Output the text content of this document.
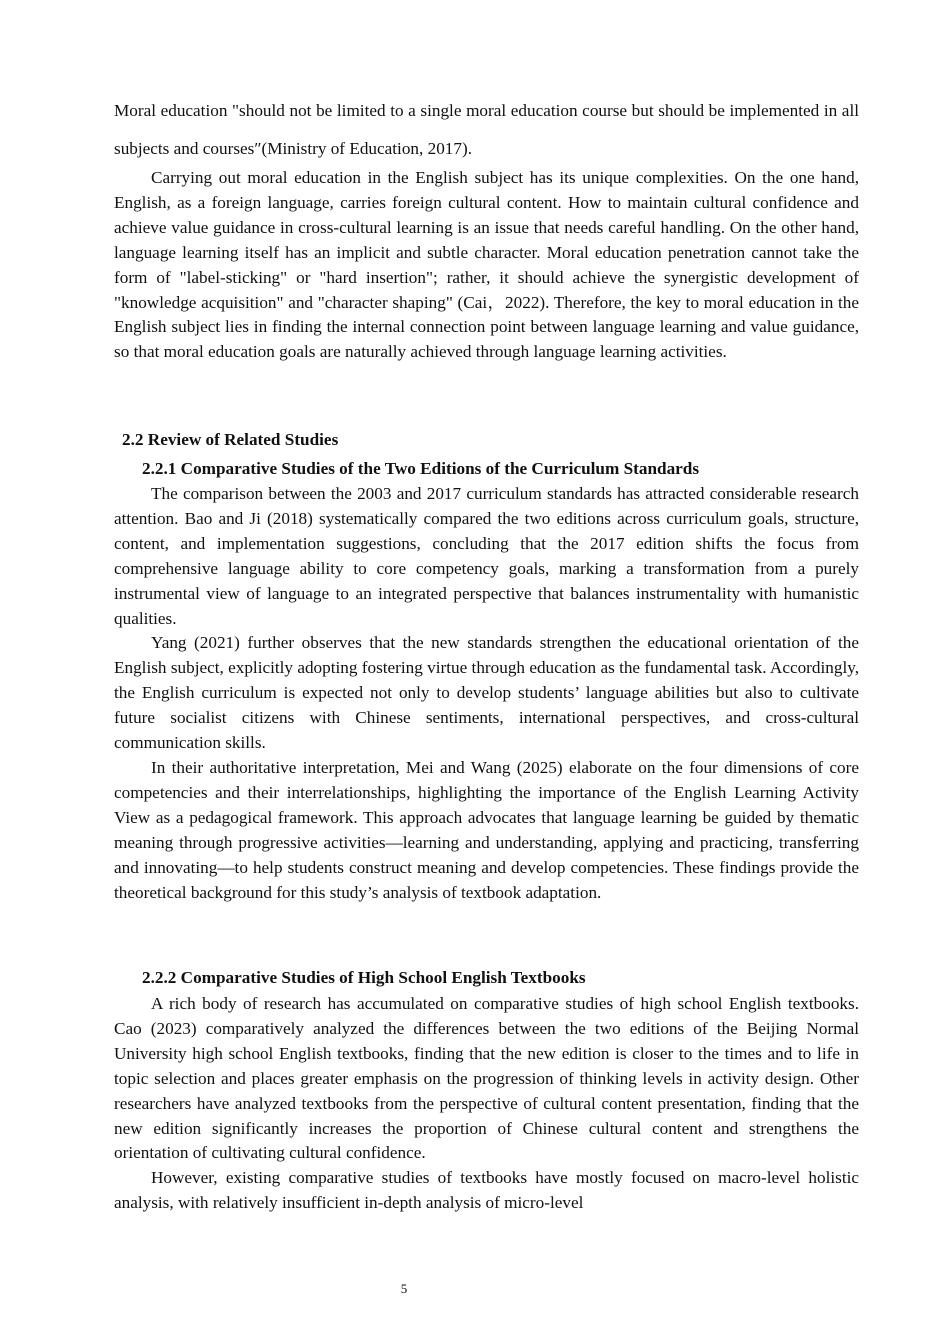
Moral education "should not be limited to a single moral education course but should be implemented in all subjects and courses″(Ministry of Education, 2017).

Carrying out moral education in the English subject has its unique complexities. On the one hand, English, as a foreign language, carries foreign cultural content. How to maintain cultural confidence and achieve value guidance in cross-cultural learning is an issue that needs careful handling. On the other hand, language learning itself has an implicit and subtle character. Moral education penetration cannot take the form of "label-sticking" or "hard insertion"; rather, it should achieve the synergistic development of "knowledge acquisition" and "character shaping" (Cai，2022). Therefore, the key to moral education in the English subject lies in finding the internal connection point between language learning and value guidance, so that moral education goals are naturally achieved through language learning activities.

2.2 Review of Related Studies
2.2.1 Comparative Studies of the Two Editions of the Curriculum Standards

The comparison between the 2003 and 2017 curriculum standards has attracted considerable research attention. Bao and Ji (2018) systematically compared the two editions across curriculum goals, structure, content, and implementation suggestions, concluding that the 2017 edition shifts the focus from comprehensive language ability to core competency goals, marking a transformation from a purely instrumental view of language to an integrated perspective that balances instrumentality with humanistic qualities.

Yang (2021) further observes that the new standards strengthen the educational orientation of the English subject, explicitly adopting fostering virtue through education as the fundamental task. Accordingly, the English curriculum is expected not only to develop students’ language abilities but also to cultivate future socialist citizens with Chinese sentiments, international perspectives, and cross-cultural communication skills.

In their authoritative interpretation, Mei and Wang (2025) elaborate on the four dimensions of core competencies and their interrelationships, highlighting the importance of the English Learning Activity View as a pedagogical framework. This approach advocates that language learning be guided by thematic meaning through progressive activities—learning and understanding, applying and practicing, transferring and innovating—to help students construct meaning and develop competencies. These findings provide the theoretical background for this study’s analysis of textbook adaptation.

2.2.2 Comparative Studies of High School English Textbooks

A rich body of research has accumulated on comparative studies of high school English textbooks. Cao (2023) comparatively analyzed the differences between the two editions of the Beijing Normal University high school English textbooks, finding that the new edition is closer to the times and to life in topic selection and places greater emphasis on the progression of thinking levels in activity design. Other researchers have analyzed textbooks from the perspective of cultural content presentation, finding that the new edition significantly increases the proportion of Chinese cultural content and strengthens the orientation of cultivating cultural confidence.

However, existing comparative studies of textbooks have mostly focused on macro-level holistic analysis, with relatively insufficient in-depth analysis of micro-level

5
